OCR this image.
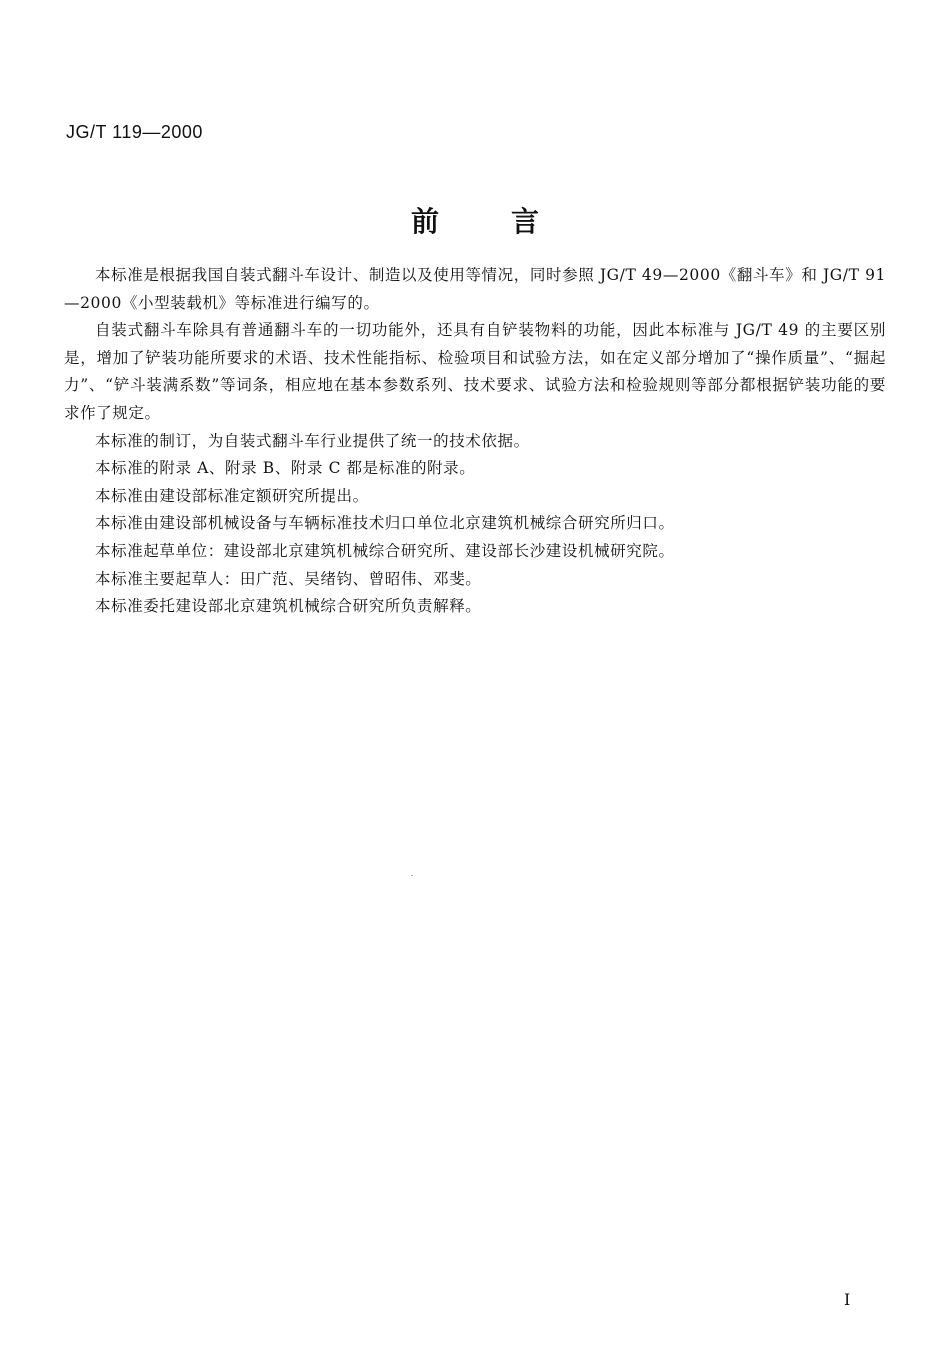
JG/T 119—2000
前言

本标准是根据我国自装式翻斗车设计、制造以及使用等情况，同时参照 JG/T 49—2000《翻斗车》和 JG/T 91—2000《小型装载机》等标准进行编写的。

自装式翻斗车除具有普通翻斗车的一切功能外，还具有自铲装物料的功能，因此本标准与 JG/T 49 的主要区别是，增加了铲装功能所要求的术语、技术性能指标、检验项目和试验方法，如在定义部分增加了“操作质量”、“掘起力”、“铲斗装满系数”等词条，相应地在基本参数系列、技术要求、试验方法和检验规则等部分都根据铲装功能的要求作了规定。

本标准的制订，为自装式翻斗车行业提供了统一的技术依据。

本标准的附录 A、附录 B、附录 C 都是标准的附录。

本标准由建设部标准定额研究所提出。

本标准由建设部机械设备与车辆标准技术归口单位北京建筑机械综合研究所归口。

本标准起草单位：建设部北京建筑机械综合研究所、建设部长沙建设机械研究院。

本标准主要起草人：田广范、吴绪钧、曾昭伟、邓斐。

本标准委托建设部北京建筑机械综合研究所负责解释。

I
